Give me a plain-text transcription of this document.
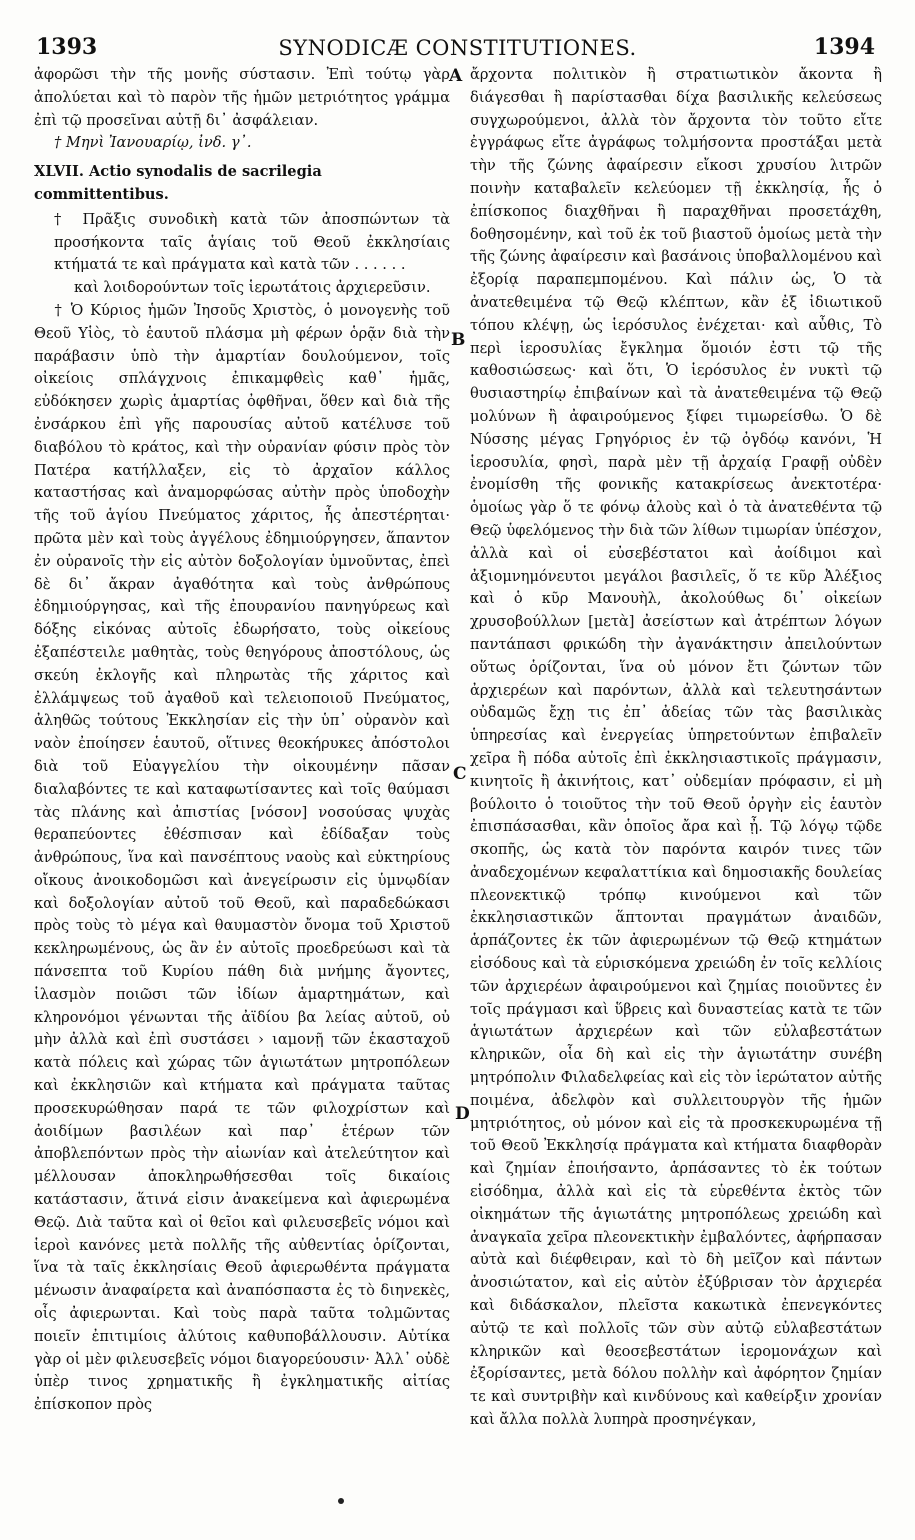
1393	SYNODICÆ CONSTITUTIONES.	1394

ἀφορῶσι τὴν τῆς μονῆς σύστασιν. Ἐπὶ τούτῳ γὰρ ἀπολύεται καὶ τὸ παρὸν τῆς ἡμῶν μετριότητος γράμμα ἐπὶ τῷ προσεῖναι αὐτῇ δι᾽ ἀσφάλειαν.

† Μηνὶ Ἰανουαρίῳ, ἰνδ. γ᾽.

XLVII. Actio synodalis de sacrilegia committentibus.

† Πρᾶξις συνοδικὴ κατὰ τῶν ἀποσπώντων τὰ προσήκοντα ταῖς ἁγίαις τοῦ Θεοῦ ἐκκλησίαις κτήματά τε καὶ πράγματα καὶ κατὰ τῶν . . . . . .

καὶ λοιδορούντων τοῖς ἱερωτάτοις ἀρχιερεῦσιν.

† Ὁ Κύριος ἡμῶν Ἰησοῦς Χριστὸς, ὁ μονογενὴς τοῦ Θεοῦ Υἱὸς, τὸ ἑαυτοῦ πλάσμα μὴ φέρων ὁρᾷν διὰ τὴν παράβασιν ὑπὸ τὴν ἁμαρτίαν δουλούμενον, τοῖς οἰκείοις σπλάγχνοις ἐπικαμφθεὶς καθ᾽ ἡμᾶς, εὐδόκησεν χωρὶς ἁμαρτίας ὀφθῆναι, ὅθεν καὶ διὰ τῆς ἐνσάρκου ἐπὶ γῆς παρουσίας αὐτοῦ κατέλυσε τοῦ διαβόλου τὸ κράτος, καὶ τὴν οὐρανίαν φύσιν πρὸς τὸν Πατέρα κατήλλαξεν, εἰς τὸ ἀρχαῖον κάλλος καταστήσας καὶ ἀναμορφώσας αὐτὴν πρὸς ὑποδοχὴν τῆς τοῦ ἁγίου Πνεύματος χάριτος, ἧς ἀπεστέρηται· πρῶτα μὲν καὶ τοὺς ἀγγέλους ἐδημιούργησεν, ἅπαντον ἐν οὐρανοῖς τὴν εἰς αὐτὸν δοξολογίαν ὑμνοῦντας, ἐπεὶ δὲ δι᾽ ἄκραν ἀγαθότητα καὶ τοὺς ἀνθρώπους ἐδημιούργησας, καὶ τῆς ἐπουρανίου πανηγύρεως καὶ δόξης εἰκόνας αὐτοῖς ἐδωρήσατο, τοὺς οἰκείους ἐξαπέστειλε μαθητὰς, τοὺς θεηγόρους ἀποστόλους, ὡς σκεύη ἐκλογῆς καὶ πληρωτὰς τῆς χάριτος καὶ ἐλλάμψεως τοῦ ἀγαθοῦ καὶ τελειοποιοῦ Πνεύματος, ἀληθῶς τούτους Ἐκκλησίαν εἰς τὴν ὑπ᾽ οὐρανὸν καὶ ναὸν ἐποίησεν ἑαυτοῦ, οἵτινες θεοκήρυκες ἀπόστολοι διὰ τοῦ Εὐαγγελίου τὴν οἰκουμένην πᾶσαν διαλαβόντες τε καὶ καταφωτίσαντες καὶ τοῖς θαύμασι τὰς πλάνης καὶ ἀπιστίας [νόσον] νοσούσας ψυχὰς θεραπεύοντες ἐθέσπισαν καὶ ἐδίδαξαν τοὺς ἀνθρώπους, ἵνα καὶ πανσέπτους ναοὺς καὶ εὐκτηρίους οἴκους ἀνοικοδομῶσι καὶ ἀνεγείρωσιν εἰς ὑμνῳδίαν καὶ δοξολογίαν αὐτοῦ τοῦ Θεοῦ, καὶ παραδεδώκασι πρὸς τοὺς τὸ μέγα καὶ θαυμαστὸν ὄνομα τοῦ Χριστοῦ κεκληρωμένους, ὡς ἂν ἐν αὐτοῖς προεδρεύωσι καὶ τὰ πάνσεπτα τοῦ Κυρίου πάθη διὰ μνήμης ἄγοντες, ἱλασμὸν ποιῶσι τῶν ἰδίων ἁμαρτημάτων, καὶ κληρονόμοι γένωνται τῆς ἀϊδίου βα λείας αὐτοῦ, οὐ μὴν ἀλλὰ καὶ ἐπὶ συστάσει › ιαμονῇ τῶν ἑκασταχοῦ κατὰ πόλεις καὶ χώρας τῶν ἁγιωτάτων μητροπόλεων καὶ ἐκκλησιῶν καὶ κτήματα καὶ πράγματα ταῦτας προσεκυρώθησαν παρά τε τῶν φιλοχρίστων καὶ ἀοιδίμων βασιλέων καὶ παρ᾽ ἑτέρων τῶν ἀποβλεπόντων πρὸς τὴν αἰωνίαν καὶ ἀτελεύτητον καὶ μέλλουσαν ἀποκληρωθήσεσθαι τοῖς δικαίοις κατάστασιν, ἅτινά εἰσιν ἀνακείμενα καὶ ἀφιερωμένα Θεῷ. Διὰ ταῦτα καὶ οἱ θεῖοι καὶ φιλευσεβεῖς νόμοι καὶ ἱεροὶ κανόνες μετὰ πολλῆς τῆς αὐθεντίας ὁρίζονται, ἵνα τὰ ταῖς ἐκκλησίαις Θεοῦ ἀφιερωθέντα πράγματα μένωσιν ἀναφαίρετα καὶ ἀναπόσπαστα ἐς τὸ διηνεκὲς, οἷς ἀφιερωνται. Καὶ τοὺς παρὰ ταῦτα τολμῶντας ποιεῖν ἐπιτιμίοις ἀλύτοις καθυποβάλλουσιν. Αὐτίκα γὰρ οἱ μὲν φιλευσεβεῖς νόμοι διαγορεύουσιν· Ἀλλ᾽ οὐδὲ ὑπὲρ τινος χρηματικῆς ἢ ἐγκληματικῆς αἰτίας ἐπίσκοπον πρὸς

ἄρχοντα πολιτικὸν ἢ στρατιωτικὸν ἄκοντα ἢ διάγεσθαι ἢ παρίστασθαι δίχα βασιλικῆς κελεύσεως συγχωρούμενοι, ἀλλὰ τὸν ἄρχοντα τὸν τοῦτο εἴτε ἐγγράφως εἴτε ἀγράφως τολμήσοντα προστάξαι μετὰ τὴν τῆς ζώνης ἀφαίρεσιν εἴκοσι χρυσίου λιτρῶν ποινὴν καταβαλεῖν κελεύομεν τῇ ἐκκλησίᾳ, ἧς ὁ ἐπίσκοπος διαχθῆναι ἢ παραχθῆναι προσετάχθη, δοθησομένην, καὶ τοῦ ἐκ τοῦ βιαστοῦ ὁμοίως μετὰ τὴν τῆς ζώνης ἀφαίρεσιν καὶ βασάνοις ὑποβαλλομένου καὶ ἐξορίᾳ παραπεμπομένου. Καὶ πάλιν ὡς, Ὁ τὰ ἀνατεθειμένα τῷ Θεῷ κλέπτων, κἂν ἐξ ἰδιωτικοῦ τόπου κλέψῃ, ὡς ἱερόσυλος ἐνέχεται· καὶ αὖθις, Τὸ περὶ ἱεροσυλίας ἔγκλημα ὅμοιόν ἐστι τῷ τῆς καθοσιώσεως· καὶ ὅτι, Ὁ ἱερόσυλος ἐν νυκτὶ τῷ θυσιαστηρίῳ ἐπιβαίνων καὶ τὰ ἀνατεθειμένα τῷ Θεῷ μολύνων ἢ ἀφαιρούμενος ξίφει τιμωρείσθω. Ὁ δὲ Νύσσης μέγας Γρηγόριος ἐν τῷ ὀγδόῳ κανόνι, Ἡ ἱεροσυλία, φησὶ, παρὰ μὲν τῇ ἀρχαίᾳ Γραφῇ οὐδὲν ἐνομίσθη τῆς φονικῆς κατακρίσεως ἀνεκτοτέρα· ὁμοίως γὰρ ὅ τε φόνῳ ἁλοὺς καὶ ὁ τὰ ἀνατεθέντα τῷ Θεῷ ὑφελόμενος τὴν διὰ τῶν λίθων τιμωρίαν ὑπέσχον, ἀλλὰ καὶ οἱ εὐσεβέστατοι καὶ ἀοίδιμοι καὶ ἀξιομνημόνευτοι μεγάλοι βασιλεῖς, ὅ τε κῦρ Ἀλέξιος καὶ ὁ κῦρ Μανουὴλ, ἀκολούθως δι᾽ οἰκείων χρυσοβούλλων [μετὰ] ἀσείστων καὶ ἀτρέπτων λόγων παντάπασι φρικώδη τὴν ἀγανάκτησιν ἀπειλούντων οὕτως ὁρίζονται, ἵνα οὐ μόνον ἔτι ζώντων τῶν ἀρχιερέων καὶ παρόντων, ἀλλὰ καὶ τελευτησάντων οὐδαμῶς ἔχῃ τις ἐπ᾽ ἀδείας τῶν τὰς βασιλικὰς ὑπηρεσίας καὶ ἐνεργείας ὑπηρετούντων ἐπιβαλεῖν χεῖρα ἢ πόδα αὐτοῖς ἐπὶ ἐκκλησιαστικοῖς πράγμασιν, κινητοῖς ἢ ἀκινήτοις, κατ᾽ οὐδεμίαν πρόφασιν, εἰ μὴ βούλοιτο ὁ τοιοῦτος τὴν τοῦ Θεοῦ ὀργὴν εἰς ἑαυτὸν ἐπισπάσασθαι, κἂν ὁποῖος ἄρα καὶ ᾖ. Τῷ λόγῳ τῷδε σκοπῆς, ὡς κατὰ τὸν παρόντα καιρόν τινες τῶν ἀναδεχομένων κεφαλαττίκια καὶ δημοσιακῆς δουλείας πλεονεκτικῷ τρόπῳ κινούμενοι καὶ τῶν ἐκκλησιαστικῶν ἅπτονται πραγμάτων ἀναιδῶν, ἁρπάζοντες ἐκ τῶν ἀφιερωμένων τῷ Θεῷ κτημάτων εἰσόδους καὶ τὰ εὑρισκόμενα χρειώδη ἐν τοῖς κελλίοις τῶν ἀρχιερέων ἀφαιρούμενοι καὶ ζημίας ποιοῦντες ἐν τοῖς πράγμασι καὶ ὕβρεις καὶ δυναστείας κατὰ τε τῶν ἁγιωτάτων ἀρχιερέων καὶ τῶν εὐλαβεστάτων κληρικῶν, οἷα δὴ καὶ εἰς τὴν ἁγιωτάτην συνέβη μητρόπολιν Φιλαδελφείας καὶ εἰς τὸν ἱερώτατον αὐτῆς ποιμένα, ἀδελφὸν καὶ συλλειτουργὸν τῆς ἡμῶν μητριότητος, οὐ μόνον καὶ εἰς τὰ προσκεκυρωμένα τῇ τοῦ Θεοῦ Ἐκκλησίᾳ πράγματα καὶ κτήματα διαφθορὰν καὶ ζημίαν ἐποιήσαντο, ἁρπάσαντες τὸ ἐκ τούτων εἰσόδημα, ἀλλὰ καὶ εἰς τὰ εὑρεθέντα ἐκτὸς τῶν οἰκημάτων τῆς ἁγιωτάτης μητροπόλεως χρειώδη καὶ ἀναγκαῖα χεῖρα πλεονεκτικὴν ἐμβαλόντες, ἀφήρπασαν αὐτὰ καὶ διέφθειραν, καὶ τὸ δὴ μεῖζον καὶ πάντων ἀνοσιώτατον, καὶ εἰς αὐτὸν ἐξύβρισαν τὸν ἀρχιερέα καὶ διδάσκαλον, πλεῖστα κακωτικὰ ἐπενεγκόντες αὐτῷ τε καὶ πολλοῖς τῶν σὺν αὐτῷ εὐλαβεστάτων κληρικῶν καὶ θεοσεβεστάτων ἱερομονάχων καὶ ἐξορίσαντες, μετὰ δόλου πολλὴν καὶ ἀφόρητον ζημίαν τε καὶ συντριβὴν καὶ κινδύνους καὶ καθείρξιν χρονίαν καὶ ἄλλα πολλὰ λυπηρὰ προσηνέγκαν,

A
B
C
D
